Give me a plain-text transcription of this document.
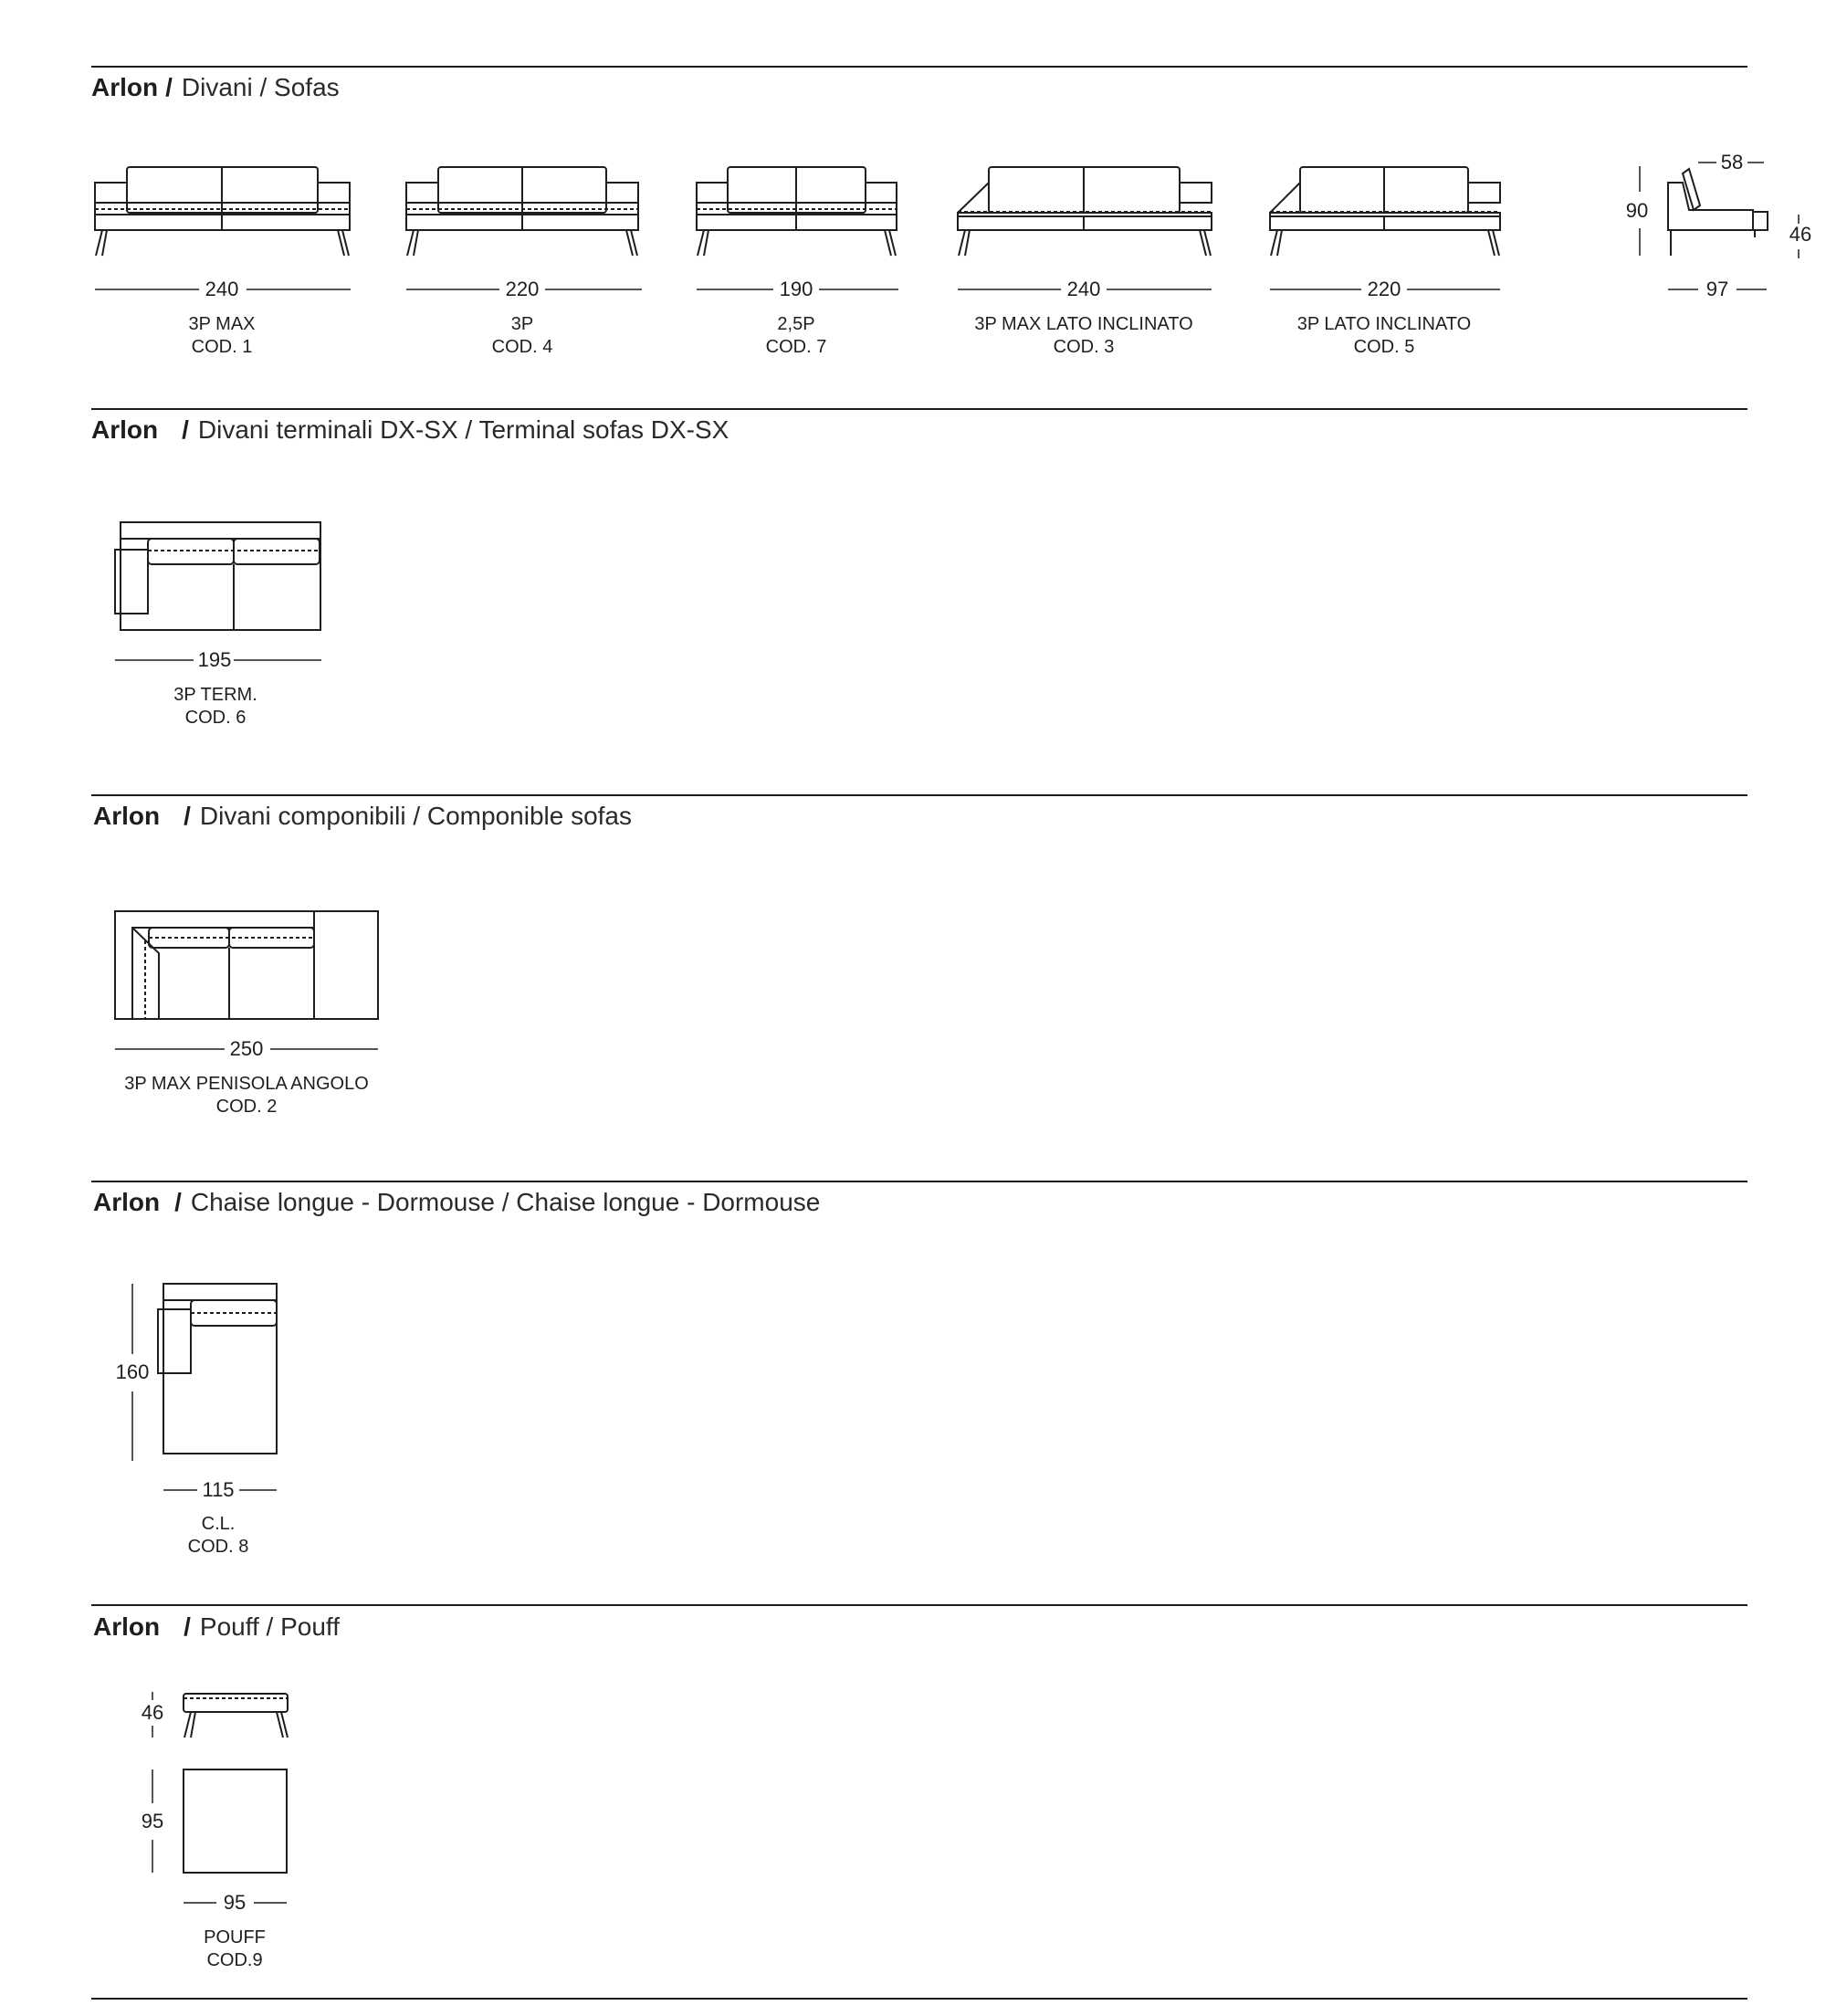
Arlon / Divani / Sofas
Arlon / Divani terminali DX-SX / Terminal sofas DX-SX
Arlon / Divani componibili / Componible sofas
Arlon / Chaise longue - Dormouse / Chaise longue - Dormouse
Arlon / Pouff / Pouff
240	220	190	240	220
58
90
46
97
3P MAX
COD. 1
3P
COD. 4
2,5P
COD. 7
3P MAX LATO INCLINATO
COD. 3
3P LATO INCLINATO
COD. 5
195
3P TERM.
COD. 6
250
3P MAX PENISOLA ANGOLO
COD. 2
160
115
C.L.
COD. 8
46
95
95
POUFF
COD.9
